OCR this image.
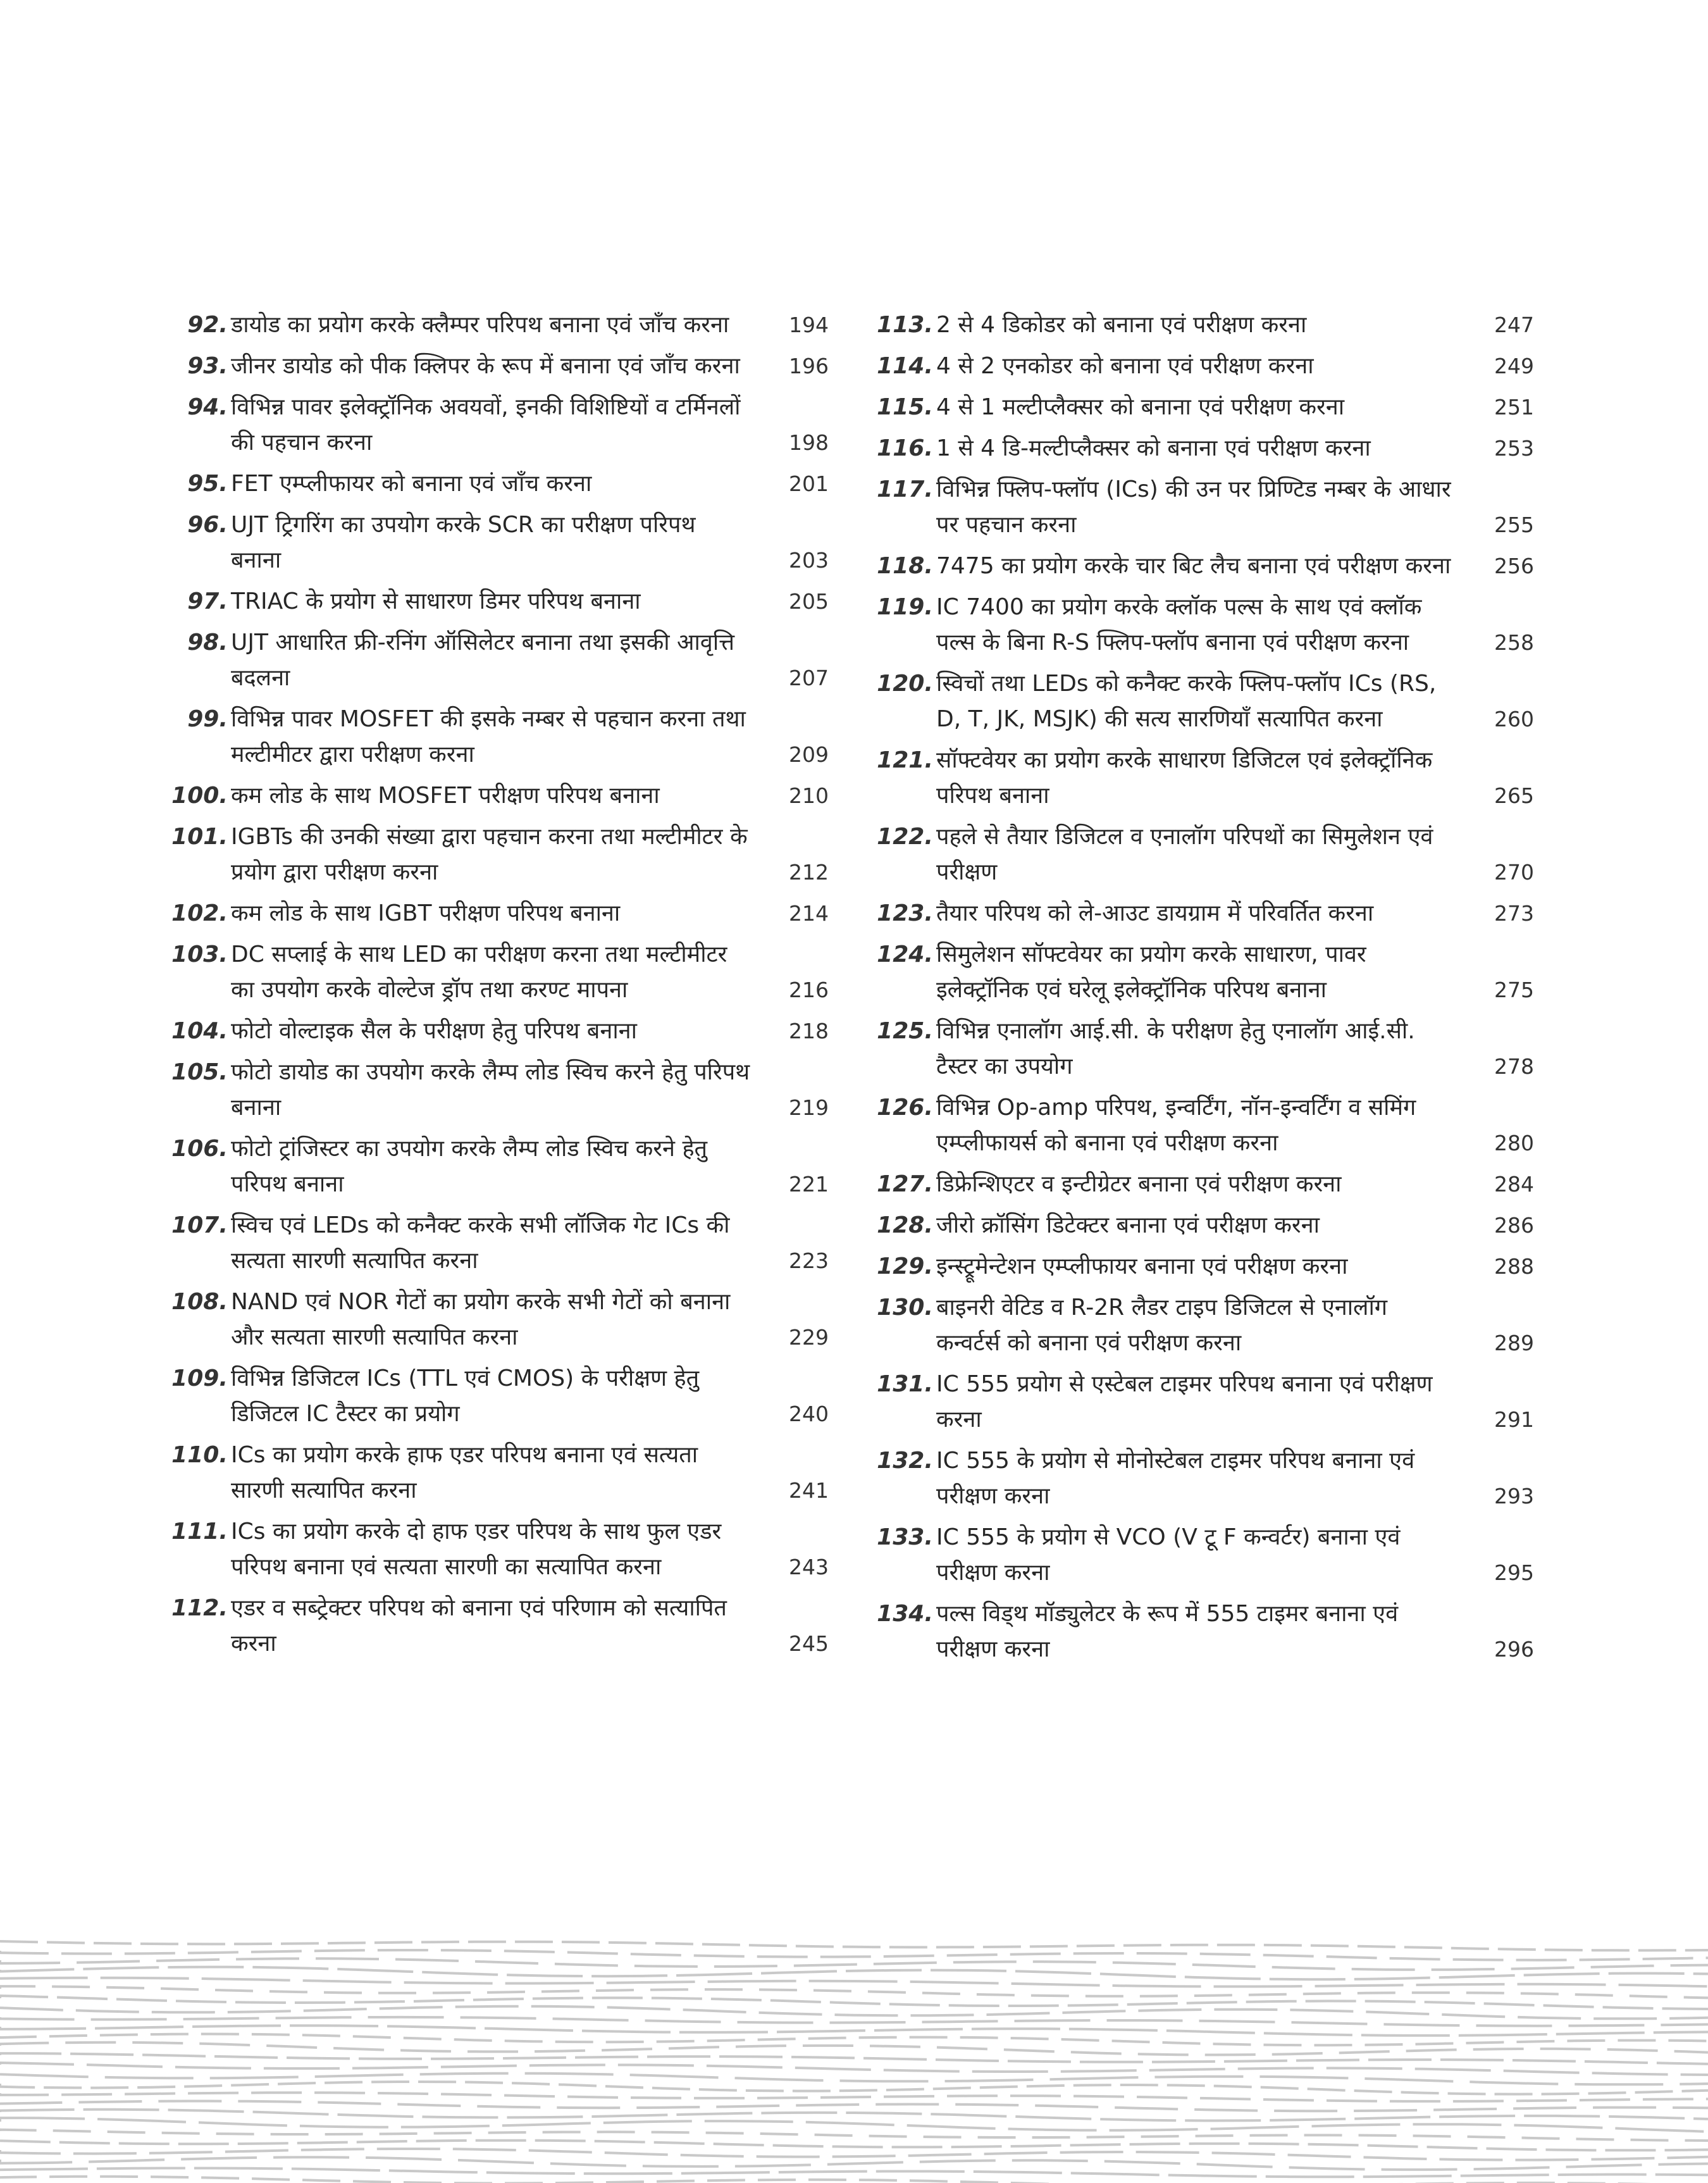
92. डायोड का प्रयोग करके क्लैम्पर परिपथ बनाना एवं जाँच करना	194
93. जीनर डायोड को पीक क्लिपर के रूप में बनाना एवं जाँच करना	196
94. विभिन्न पावर इलेक्ट्रॉनिक अवयवों, इनकी विशिष्टियों व टर्मिनलों की पहचान करना	198
95. FET एम्प्लीफायर को बनाना एवं जाँच करना	201
96. UJT ट्रिगरिंग का उपयोग करके SCR का परीक्षण परिपथ बनाना	203
97. TRIAC के प्रयोग से साधारण डिमर परिपथ बनाना	205
98. UJT आधारित फ्री-रनिंग ऑसिलेटर बनाना तथा इसकी आवृत्ति बदलना	207
99. विभिन्न पावर MOSFET की इसके नम्बर से पहचान करना तथा मल्टीमीटर द्वारा परीक्षण करना	209
100. कम लोड के साथ MOSFET परीक्षण परिपथ बनाना	210
101. IGBTs की उनकी संख्या द्वारा पहचान करना तथा मल्टीमीटर के प्रयोग द्वारा परीक्षण करना	212
102. कम लोड के साथ IGBT परीक्षण परिपथ बनाना	214
103. DC सप्लाई के साथ LED का परीक्षण करना तथा मल्टीमीटर का उपयोग करके वोल्टेज ड्रॉप तथा करण्ट मापना	216
104. फोटो वोल्टाइक सैल के परीक्षण हेतु परिपथ बनाना	218
105. फोटो डायोड का उपयोग करके लैम्प लोड स्विच करने हेतु परिपथ बनाना	219
106. फोटो ट्रांजिस्टर का उपयोग करके लैम्प लोड स्विच करने हेतु परिपथ बनाना	221
107. स्विच एवं LEDs को कनैक्ट करके सभी लॉजिक गेट ICs की सत्यता सारणी सत्यापित करना	223
108. NAND एवं NOR गेटों का प्रयोग करके सभी गेटों को बनाना और सत्यता सारणी सत्यापित करना	229
109. विभिन्न डिजिटल ICs (TTL एवं CMOS) के परीक्षण हेतु डिजिटल IC टैस्टर का प्रयोग	240
110. ICs का प्रयोग करके हाफ एडर परिपथ बनाना एवं सत्यता सारणी सत्यापित करना	241
111. ICs का प्रयोग करके दो हाफ एडर परिपथ के साथ फुल एडर परिपथ बनाना एवं सत्यता सारणी का सत्यापित करना	243
112. एडर व सब्ट्रेक्टर परिपथ को बनाना एवं परिणाम को सत्यापित करना	245
113. 2 से 4 डिकोडर को बनाना एवं परीक्षण करना	247
114. 4 से 2 एनकोडर को बनाना एवं परीक्षण करना	249
115. 4 से 1 मल्टीप्लैक्सर को बनाना एवं परीक्षण करना	251
116. 1 से 4 डि-मल्टीप्लैक्सर को बनाना एवं परीक्षण करना	253
117. विभिन्न फ्लिप-फ्लॉप (ICs) की उन पर प्रिण्टिड नम्बर के आधार पर पहचान करना	255
118. 7475 का प्रयोग करके चार बिट लैच बनाना एवं परीक्षण करना	256
119. IC 7400 का प्रयोग करके क्लॉक पल्स के साथ एवं क्लॉक पल्स के बिना R-S फ्लिप-फ्लॉप बनाना एवं परीक्षण करना	258
120. स्विचों तथा LEDs को कनैक्ट करके फ्लिप-फ्लॉप ICs (RS, D, T, JK, MSJK) की सत्य सारणियाँ सत्यापित करना	260
121. सॉफ्टवेयर का प्रयोग करके साधारण डिजिटल एवं इलेक्ट्रॉनिक परिपथ बनाना	265
122. पहले से तैयार डिजिटल व एनालॉग परिपथों का सिमुलेशन एवं परीक्षण	270
123. तैयार परिपथ को ले-आउट डायग्राम में परिवर्तित करना	273
124. सिमुलेशन सॉफ्टवेयर का प्रयोग करके साधारण, पावर इलेक्ट्रॉनिक एवं घरेलू इलेक्ट्रॉनिक परिपथ बनाना	275
125. विभिन्न एनालॉग आई.सी. के परीक्षण हेतु एनालॉग आई.सी. टैस्टर का उपयोग	278
126. विभिन्न Op-amp परिपथ, इन्वर्टिंग, नॉन-इन्वर्टिंग व समिंग एम्प्लीफायर्स को बनाना एवं परीक्षण करना	280
127. डिफ्रेन्शिएटर व इन्टीग्रेटर बनाना एवं परीक्षण करना	284
128. जीरो क्रॉसिंग डिटेक्टर बनाना एवं परीक्षण करना	286
129. इन्स्ट्रूमेन्टेशन एम्प्लीफायर बनाना एवं परीक्षण करना	288
130. बाइनरी वेटिड व R-2R लैडर टाइप डिजिटल से एनालॉग कन्वर्टर्स को बनाना एवं परीक्षण करना	289
131. IC 555 प्रयोग से एस्टेबल टाइमर परिपथ बनाना एवं परीक्षण करना	291
132. IC 555 के प्रयोग से मोनोस्टेबल टाइमर परिपथ बनाना एवं परीक्षण करना	293
133. IC 555 के प्रयोग से VCO (V टू F कन्वर्टर) बनाना एवं परीक्षण करना	295
134. पल्स विड्थ मॉड्युलेटर के रूप में 555 टाइमर बनाना एवं परीक्षण करना	296
